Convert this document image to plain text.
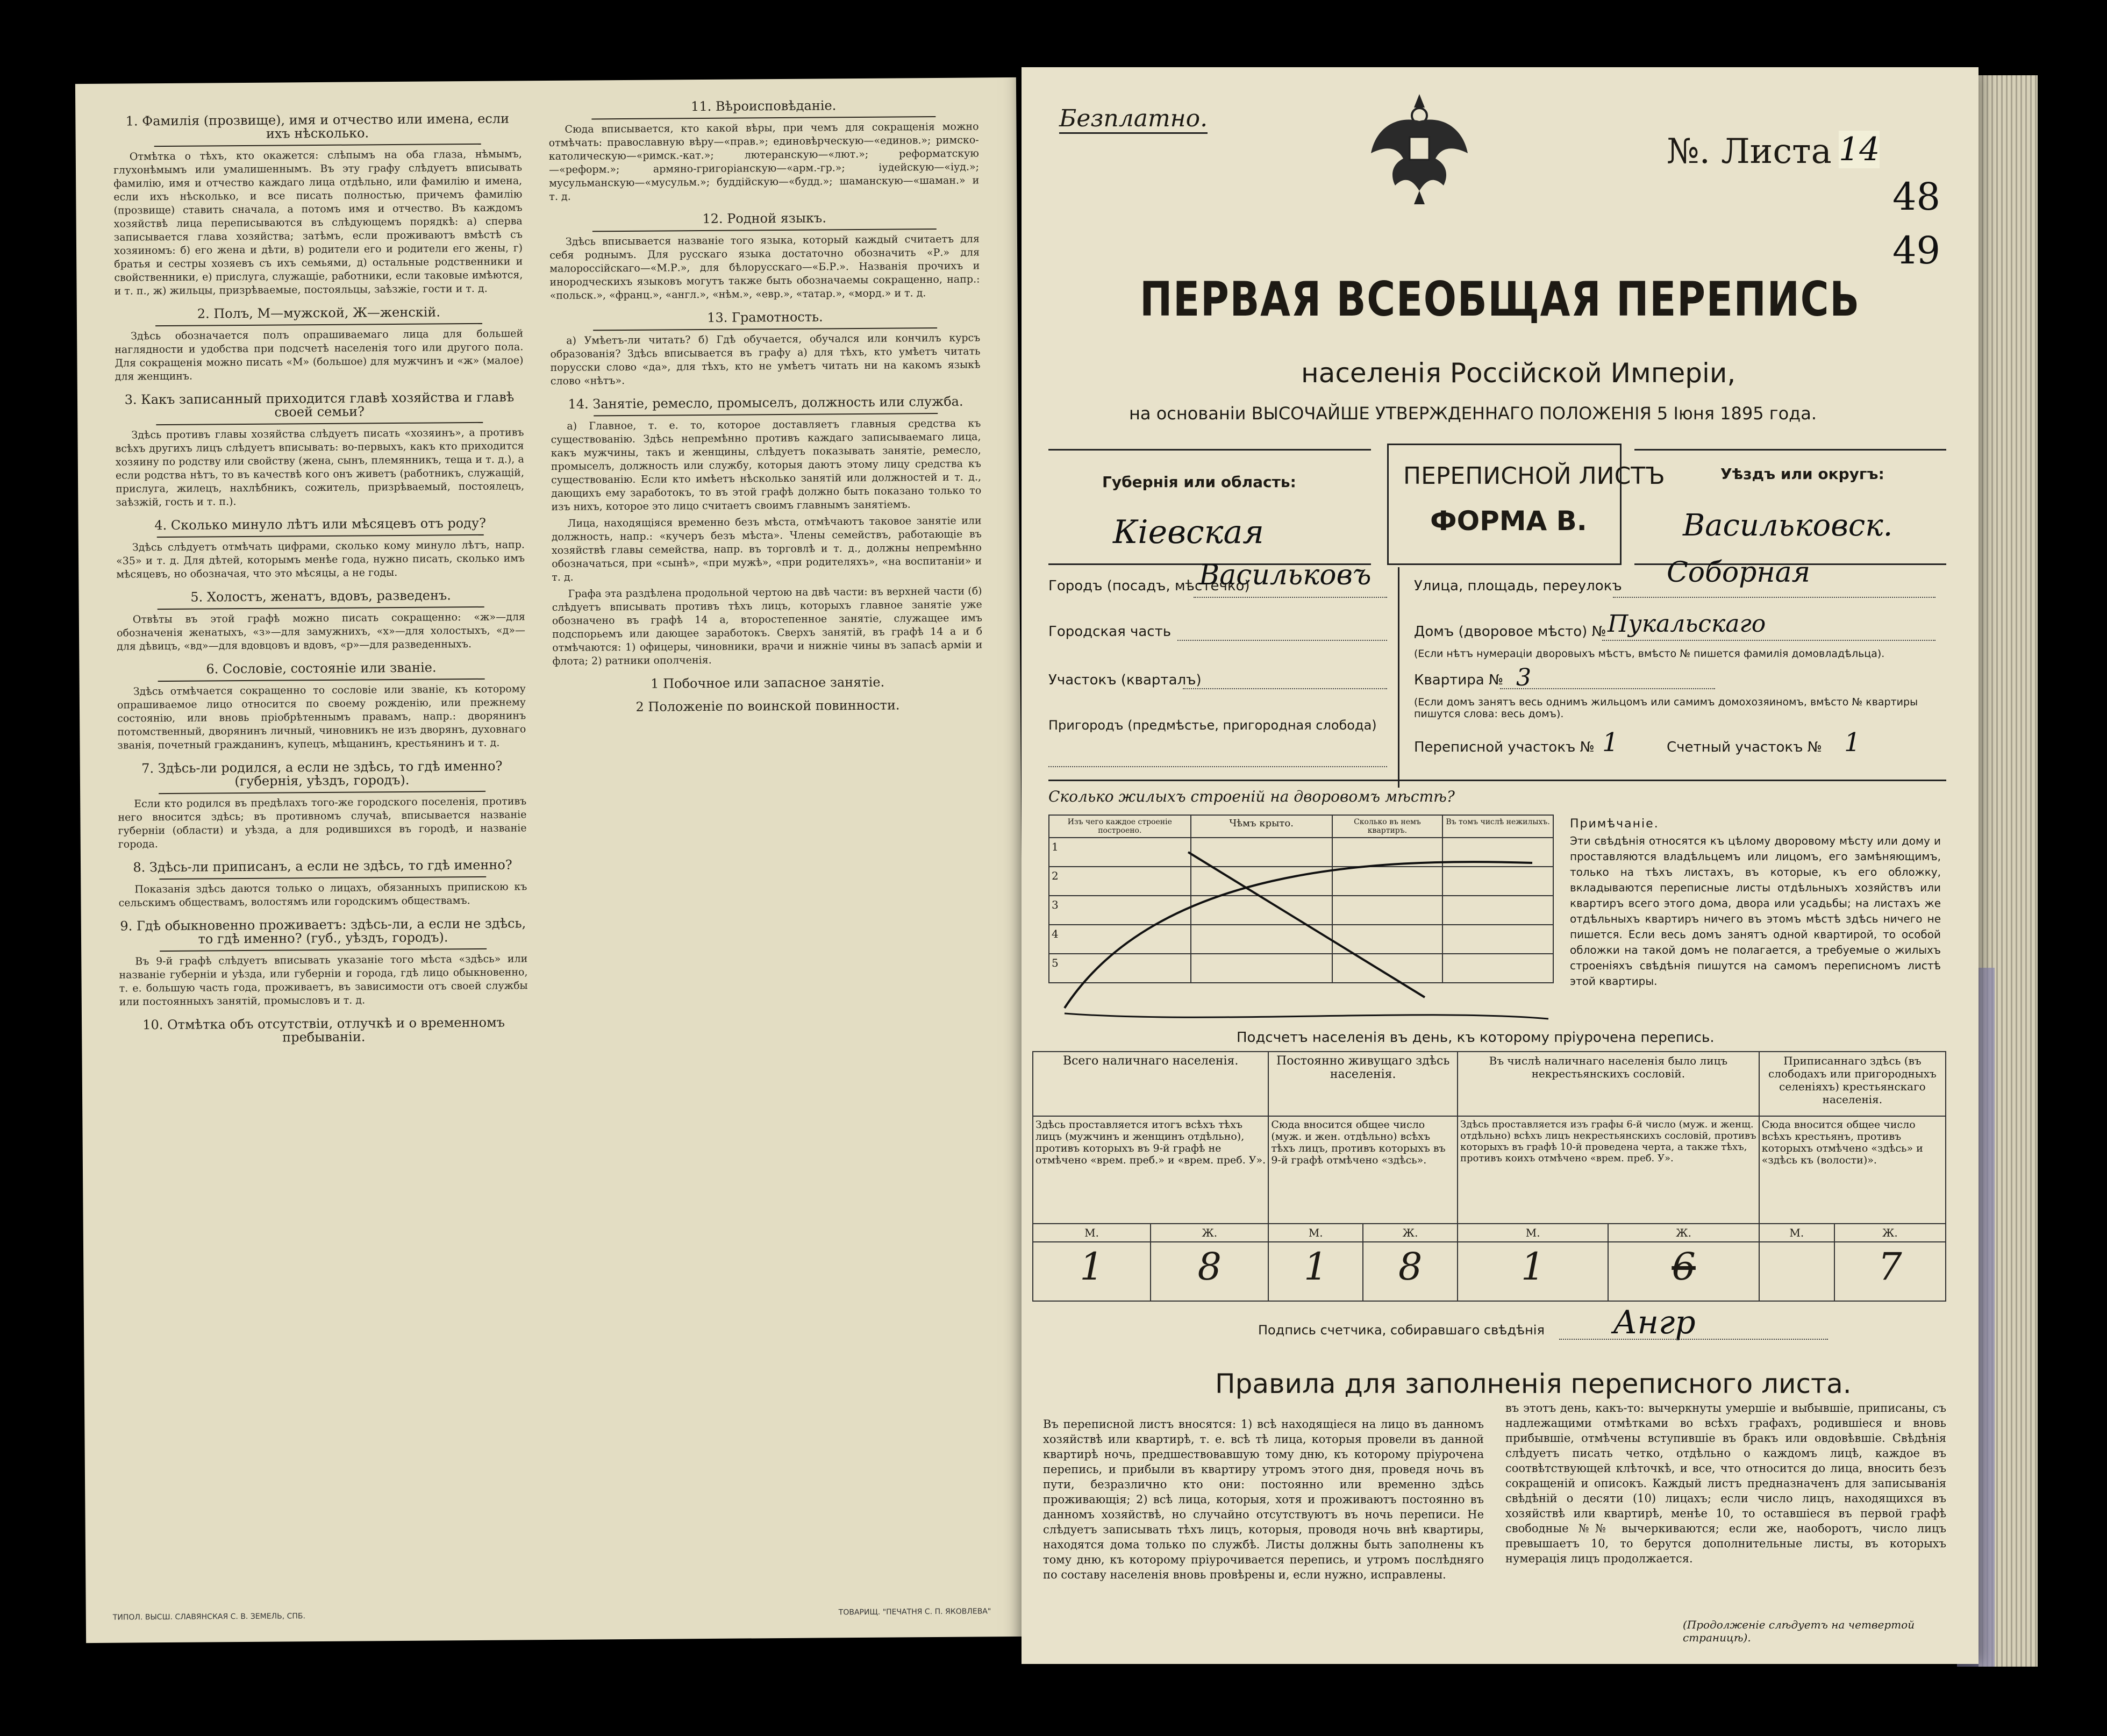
1. Фамилія (прозвище), имя и отчество или имена, если ихъ нѣсколько.

Отмѣтка о тѣхъ, кто окажется: слѣпымъ на оба глаза, нѣмымъ, глухонѣмымъ или умалишеннымъ. Въ эту графу слѣдуетъ вписывать фамилію, имя и отчество каждаго лица отдѣльно, или фамилію и имена, если ихъ нѣсколько, и все писать полностью, причемъ фамилію (прозвище) ставить сначала, а потомъ имя и отчество. Въ каждомъ хозяйствѣ лица переписываются въ слѣдующемъ порядкѣ: а) сперва записывается глава хозяйства; затѣмъ, если проживаютъ вмѣстѣ съ хозяиномъ: б) его жена и дѣти, в) родители его и родители его жены, г) братья и сестры хозяевъ съ ихъ семьями, д) остальные родственники и свойственники, е) прислуга, служащіе, работники, если таковые имѣются, и т. п., ж) жильцы, призрѣваемые, постояльцы, заѣзжіе, гости и т. д.

2. Полъ, М—мужской, Ж—женскій.

Здѣсь обозначается полъ опрашиваемаго лица для большей наглядности и удобства при подсчетѣ населенія того или другого пола. Для сокращенія можно писать «М» (большое) для мужчинъ и «ж» (малое) для женщинъ.

3. Какъ записанный приходится главѣ хозяйства и главѣ своей семьи?

Здѣсь противъ главы хозяйства слѣдуетъ писать «хозяинъ», а противъ всѣхъ другихъ лицъ слѣдуетъ вписывать: во-первыхъ, какъ кто приходится хозяину по родству или свойству (жена, сынъ, племянникъ, теща и т. д.), а если родства нѣтъ, то въ качествѣ кого онъ живетъ (работникъ, служащій, прислуга, жилецъ, нахлѣбникъ, сожитель, призрѣваемый, постоялецъ, заѣзжій, гость и т. п.).

4. Сколько минуло лѣтъ или мѣсяцевъ отъ роду?

Здѣсь слѣдуетъ отмѣчать цифрами, сколько кому минуло лѣтъ, напр. «35» и т. д. Для дѣтей, которымъ менѣе года, нужно писать, сколько имъ мѣсяцевъ, но обозначая, что это мѣсяцы, а не годы.

5. Холостъ, женатъ, вдовъ, разведенъ.

Отвѣты въ этой графѣ можно писать сокращенно: «ж»—для обозначенія женатыхъ, «з»—для замужнихъ, «х»—для холостыхъ, «д»—для дѣвицъ, «вд»—для вдовцовъ и вдовъ, «р»—для разведенныхъ.

6. Сословіе, состояніе или званіе.

Здѣсь отмѣчается сокращенно то сословіе или званіе, къ которому опрашиваемое лицо относится по своему рожденію, или прежнему состоянію, или вновь пріобрѣтеннымъ правамъ, напр.: дворянинъ потомственный, дворянинъ личный, чиновникъ не изъ дворянъ, духовнаго званія, почетный гражданинъ, купецъ, мѣщанинъ, крестьянинъ и т. д.

7. Здѣсь-ли родился, а если не здѣсь, то гдѣ именно? (губернія, уѣздъ, городъ).

Если кто родился въ предѣлахъ того-же городского поселенія, противъ него вносится здѣсь; въ противномъ случаѣ, вписывается названіе губерніи (области) и уѣзда, а для родившихся въ городѣ, и названіе города.

8. Здѣсь-ли приписанъ, а если не здѣсь, то гдѣ именно?

Показанія здѣсь даются только о лицахъ, обязанныхъ припискою къ сельскимъ обществамъ, волостямъ или городскимъ обществамъ.

9. Гдѣ обыкновенно проживаетъ: здѣсь-ли, а если не здѣсь, то гдѣ именно? (губ., уѣздъ, городъ).

Въ 9-й графѣ слѣдуетъ вписывать указаніе того мѣста «здѣсь» или названіе губерніи и уѣзда, или губерніи и города, гдѣ лицо обыкновенно, т. е. большую часть года, проживаетъ, въ зависимости отъ своей службы или постоянныхъ занятій, промысловъ и т. д.

10. Отмѣтка объ отсутствіи, отлучкѣ и о временномъ пребываніи.
11. Вѣроисповѣданіе.

Сюда вписывается, кто какой вѣры, при чемъ для сокращенія можно отмѣчать: православную вѣру—«прав.»; единовѣрческую—«единов.»; римско-католическую—«римск.-кат.»; лютеранскую—«лют.»; реформатскую—«реформ.»; армяно-григоріанскую—«арм.-гр.»; іудейскую—«іуд.»; мусульманскую—«мусульм.»; буддійскую—«будд.»; шаманскую—«шаман.» и т. д.

12. Родной языкъ.

Здѣсь вписывается названіе того языка, который каждый считаетъ для себя роднымъ. Для русскаго языка достаточно обозначить «Р.» для малороссійскаго—«М.Р.», для бѣлорусскаго—«Б.Р.». Названія прочихъ и инородческихъ языковъ могутъ также быть обозначаемы сокращенно, напр.: «польск.», «франц.», «англ.», «нѣм.», «евр.», «татар.», «морд.» и т. д.

13. Грамотность.

а) Умѣетъ-ли читать? б) Гдѣ обучается, обучался или кончилъ курсъ образованія? Здѣсь вписывается въ графу а) для тѣхъ, кто умѣетъ читать порусски слово «да», для тѣхъ, кто не умѣетъ читать ни на какомъ языкѣ слово «нѣтъ».

14. Занятіе, ремесло, промыселъ, должность или служба.

а) Главное, т. е. то, которое доставляетъ главныя средства къ существованію. Здѣсь непремѣнно противъ каждаго записываемаго лица, какъ мужчины, такъ и женщины, слѣдуетъ показывать занятіе, ремесло, промыселъ, должность или службу, которыя даютъ этому лицу средства къ существованію. Если кто имѣетъ нѣсколько занятій или должностей и т. д., дающихъ ему заработокъ, то въ этой графѣ должно быть показано только то изъ нихъ, которое это лицо считаетъ своимъ главнымъ занятіемъ.

Лица, находящіяся временно безъ мѣста, отмѣчаютъ таковое занятіе или должность, напр.: «кучеръ безъ мѣста». Члены семействъ, работающіе въ хозяйствѣ главы семейства, напр. въ торговлѣ и т. д., должны непремѣнно обозначаться, при «сынѣ», «при мужѣ», «при родителяхъ», «на воспитаніи» и т. д.

Графа эта раздѣлена продольной чертою на двѣ части: въ верхней части (б) слѣдуетъ вписывать противъ тѣхъ лицъ, которыхъ главное занятіе уже обозначено въ графѣ 14 а, второстепенное занятіе, служащее имъ подспорьемъ или дающее заработокъ. Сверхъ занятій, въ графѣ 14 а и б отмѣчаются: 1) офицеры, чиновники, врачи и нижніе чины въ запасѣ армiи и флота; 2) ратники ополченія.

1 Побочное или запасное занятіе.
2 Положеніе по воинской повинности.
ТИПОЛ. ВЫСШ. СЛАВЯНСКАЯ С. В. ЗЕМЕЛЬ, СПБ.	ТОВАРИЩ. "ПЕЧАТНЯ С. П. ЯКОВЛЕВА"
Безплатно.
№. Листа 14
48
49
ПЕРВАЯ ВСЕОБЩАЯ ПЕРЕПИСЬ
населенія Россійской Имперіи,
на основаніи ВЫСОЧАЙШЕ УТВЕРЖДЕННАГО ПОЛОЖЕНІЯ 5 Іюня 1895 года.
Губернія или область:
Кіевская
ПЕРЕПИСНОЙ ЛИСТЪ
ФОРМА В.
Уѣздъ или округъ:
Васильковск.
Городъ (посадъ, мѣстечко)
Васильковъ	Улица, площадь, переулокъ Соборная
Городская часть	Домъ (дворовое мѣсто) № Пукальскаго
(Если нѣтъ нумераціи дворовыхъ мѣстъ, вмѣсто № пишется фамилія домовладѣльца).
Участокъ (кварталъ)	Квартира № 3
(Если домъ занятъ весь однимъ жильцомъ или самимъ домохозяиномъ, вмѣсто № квартиры пишутся слова: весь домъ).
Пригородъ (предмѣстье, пригородная слобода)
Переписной участокъ № 1	Счетный участокъ № 1
Сколько жилыхъ строеній на дворовомъ мѣстѣ?
Изъ чего каждое строеніе построено.	Чѣмъ крыто.	Сколько въ немъ квартиръ.	Въ томъ числѣ нежилыхъ.
1			
2			
3			
4			
5			
Примѣчаніе.
Эти свѣдѣнія относятся къ цѣлому дворовому мѣсту или дому и проставляются владѣльцемъ или лицомъ, его замѣняющимъ, только на тѣхъ листахъ, въ которые, къ его обложку, вкладываются переписные листы отдѣльныхъ хозяйствъ или квартиръ всего этого дома, двора или усадьбы; на листахъ же отдѣльныхъ квартиръ ничего въ этомъ мѣстѣ здѣсь ничего не пишется. Если весь домъ занятъ одной квартирой, то особой обложки на такой домъ не полагается, а требуемые о жилыхъ строеніяхъ свѣдѣнія пишутся на самомъ переписномъ листѣ этой квартиры.
Подсчетъ населенія въ день, къ которому пріурочена перепись.
Всего наличнаго населенія.		Постоянно живущаго здѣсь населенія.		Въ числѣ наличнаго населенія было лицъ некрестьянскихъ сословій.		Приписаннаго здѣсь (въ слободахъ или пригородныхъ селеніяхъ) крестьянскаго населенія.	
Здѣсь проставляется итогъ всѣхъ тѣхъ лицъ (мужчинъ и женщинъ отдѣльно), противъ которыхъ въ 9-й графѣ не отмѣчено «врем. преб.» и «врем. преб. У».		Сюда вносится общее число (муж. и жен. отдѣльно) всѣхъ тѣхъ лицъ, противъ которыхъ въ 9-й графѣ отмѣчено «здѣсь».		Здѣсь проставляется изъ графы 6-й число (муж. и женщ. отдѣльно) всѣхъ лицъ некрестьянскихъ сословій, противъ которыхъ въ графѣ 10-й проведена черта, а также тѣхъ, противъ коихъ отмѣчено «врем. преб. У».		Сюда вносится общее число всѣхъ крестьянъ, противъ которыхъ отмѣчено «здѣсь» и «здѣсь къ (волости)».	
М.	Ж.	М.	Ж.	М.	Ж.	М.	Ж.
1	8	1	8	1	6		7
Подпись счетчика, собиравшаго свѣдѣнія Ангр
Правила для заполненія переписного листа.
Въ переписной листъ вносятся: 1) всѣ находящіеся на лицо въ данномъ хозяйствѣ или квартирѣ, т. е. всѣ тѣ лица, которыя провели въ данной квартирѣ ночь, предшествовавшую тому дню, къ которому пріурочена перепись, и прибыли въ квартиру утромъ этого дня, проведя ночь въ пути, безразлично кто они: постоянно или временно здѣсь проживающія; 2) всѣ лица, которыя, хотя и проживаютъ постоянно въ данномъ хозяйствѣ, но случайно отсутствуютъ въ ночь переписи. Не слѣдуетъ записывать тѣхъ лицъ, которыя, проводя ночь внѣ квартиры, находятся дома только по службѣ. Листы должны быть заполнены къ тому дню, къ которому пріурочивается перепись, и утромъ послѣдняго по составу населенія вновь провѣрены и, если нужно, исправлены.
въ этотъ день, какъ-то: вычеркнуты умершіе и выбывшіе, приписаны, съ надлежащими отмѣтками во всѣхъ графахъ, родившіеся и вновь прибывшіе, отмѣчены вступившіе въ бракъ или овдовѣвшіе. Свѣдѣнія слѣдуетъ писать четко, отдѣльно о каждомъ лицѣ, каждое въ соотвѣтствующей клѣточкѣ, и все, что относится до лица, вносить безъ сокращеній и описокъ. Каждый листъ предназначенъ для записыванія свѣдѣній о десяти (10) лицахъ; если число лицъ, находящихся въ хозяйствѣ или квартирѣ, менѣе 10, то оставшіеся въ первой графѣ свободные №№ вычеркиваются; если же, наоборотъ, число лицъ превышаетъ 10, то берутся дополнительные листы, въ которыхъ нумерація лицъ продолжается.
(Продолженіе слѣдуетъ на четвертой страницѣ).
